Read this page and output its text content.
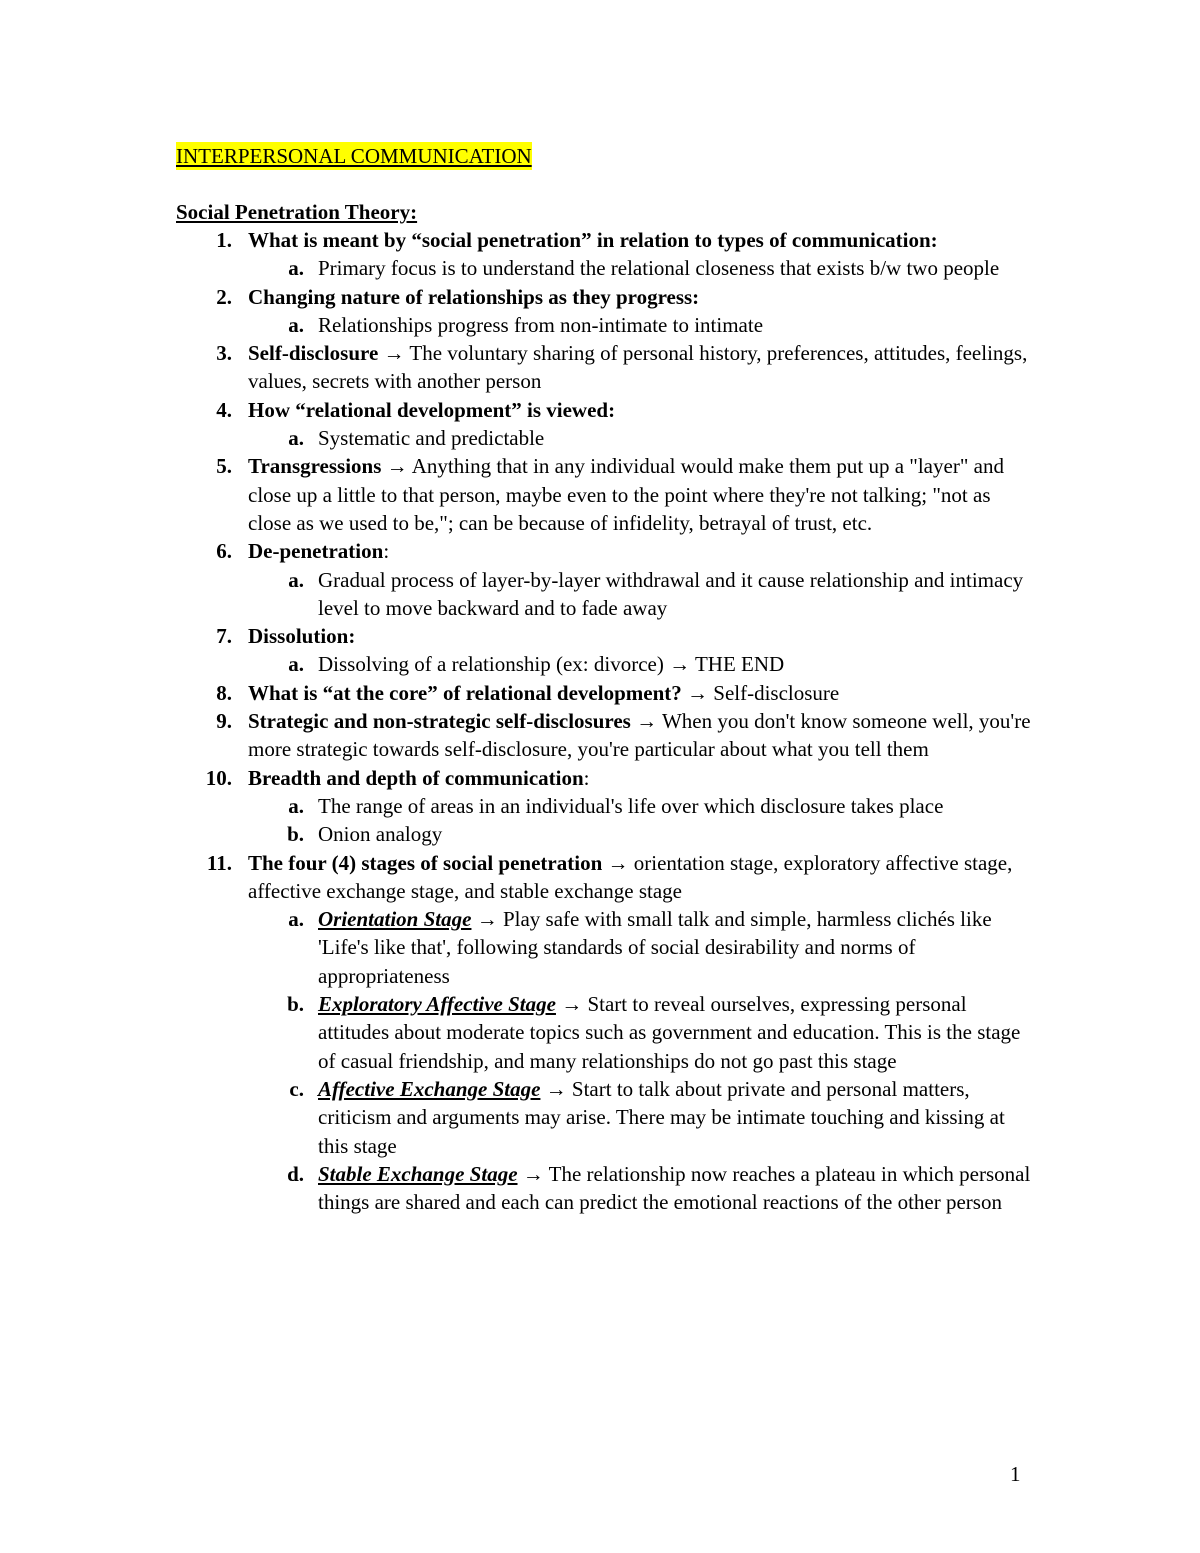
INTERPERSONAL COMMUNICATION
Social Penetration Theory:
1. What is meant by “social penetration” in relation to types of communication:
a. Primary focus is to understand the relational closeness that exists b/w two people
2. Changing nature of relationships as they progress:
a. Relationships progress from non-intimate to intimate
3. Self-disclosure → The voluntary sharing of personal history, preferences, attitudes, feelings, values, secrets with another person
4. How “relational development” is viewed:
a. Systematic and predictable
5. Transgressions → Anything that in any individual would make them put up a "layer" and close up a little to that person, maybe even to the point where they're not talking; "not as close as we used to be,"; can be because of infidelity, betrayal of trust, etc.
6. De-penetration:
a. Gradual process of layer-by-layer withdrawal and it cause relationship and intimacy level to move backward and to fade away
7. Dissolution:
a. Dissolving of a relationship (ex: divorce) → THE END
8. What is “at the core” of relational development? → Self-disclosure
9. Strategic and non-strategic self-disclosures → When you don't know someone well, you're more strategic towards self-disclosure, you're particular about what you tell them
10. Breadth and depth of communication:
a. The range of areas in an individual's life over which disclosure takes place
b. Onion analogy
11. The four (4) stages of social penetration → orientation stage, exploratory affective stage, affective exchange stage, and stable exchange stage
a. Orientation Stage → Play safe with small talk and simple, harmless clichés like 'Life's like that', following standards of social desirability and norms of appropriateness
b. Exploratory Affective Stage → Start to reveal ourselves, expressing personal attitudes about moderate topics such as government and education. This is the stage of casual friendship, and many relationships do not go past this stage
c. Affective Exchange Stage → Start to talk about private and personal matters, criticism and arguments may arise. There may be intimate touching and kissing at this stage
d. Stable Exchange Stage → The relationship now reaches a plateau in which personal things are shared and each can predict the emotional reactions of the other person
1
